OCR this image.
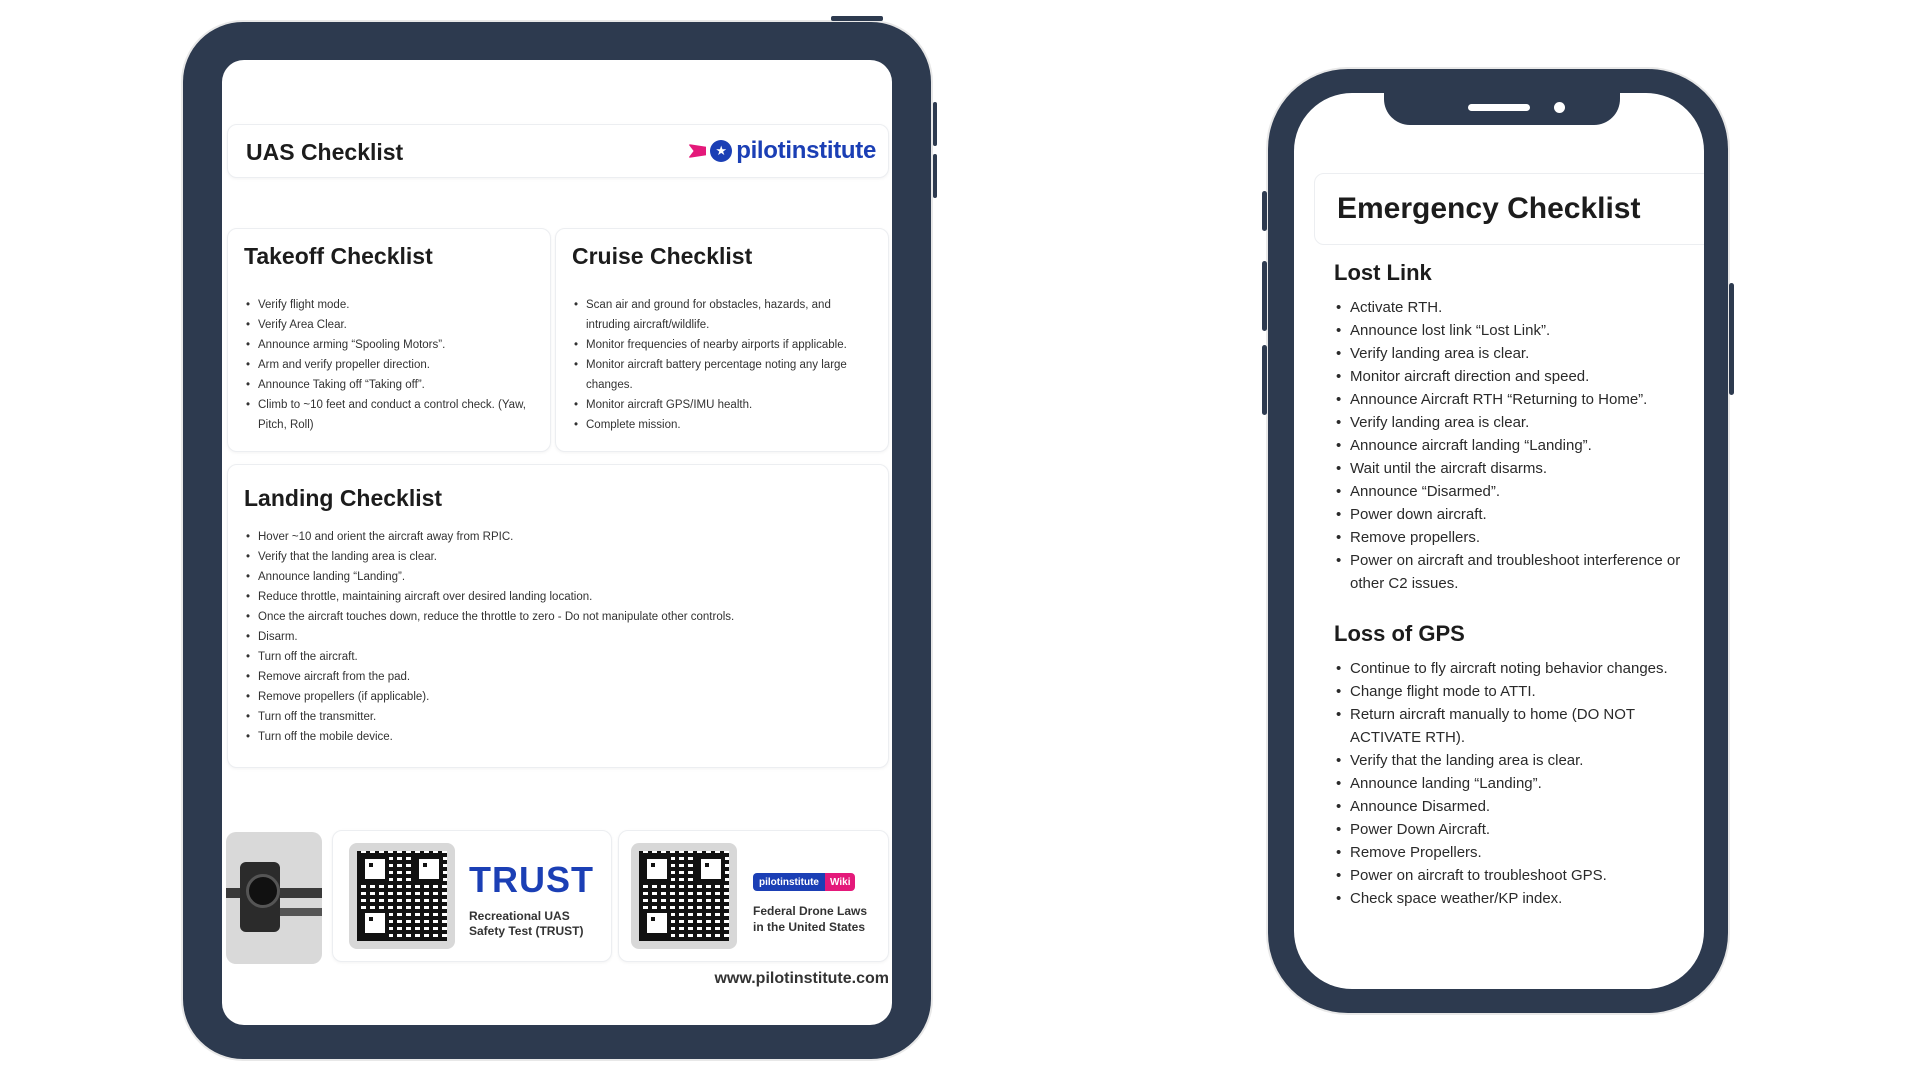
UAS Checklist	★ pilotinstitute
Takeoff Checklist
• Verify flight mode.
• Verify Area Clear.
• Announce arming “Spooling Motors”.
• Arm and verify propeller direction.
• Announce Taking off “Taking off”.
• Climb to ~10 feet and conduct a control check. (Yaw, Pitch, Roll)
Cruise Checklist
• Scan air and ground for obstacles, hazards, and intruding aircraft/wildlife.
• Monitor frequencies of nearby airports if applicable.
• Monitor aircraft battery percentage noting any large changes.
• Monitor aircraft GPS/IMU health.
• Complete mission.
Landing Checklist
• Hover ~10 and orient the aircraft away from RPIC.
• Verify that the landing area is clear.
• Announce landing “Landing”.
• Reduce throttle, maintaining aircraft over desired landing location.
• Once the aircraft touches down, reduce the throttle to zero - Do not manipulate other controls.
• Disarm.
• Turn off the aircraft.
• Remove aircraft from the pad.
• Remove propellers (if applicable).
• Turn off the transmitter.
• Turn off the mobile device.
TRUST
Recreational UAS
Safety Test (TRUST)
pilotinstitute	Wiki
Federal Drone Laws
in the United States
www.pilotinstitute.com
Emergency Checklist
Lost Link
• Activate RTH.
• Announce lost link “Lost Link”.
• Verify landing area is clear.
• Monitor aircraft direction and speed.
• Announce Aircraft RTH “Returning to Home”.
• Verify landing area is clear.
• Announce aircraft landing “Landing”.
• Wait until the aircraft disarms.
• Announce “Disarmed”.
• Power down aircraft.
• Remove propellers.
• Power on aircraft and troubleshoot interference or other C2 issues.
Loss of GPS
• Continue to fly aircraft noting behavior changes.
• Change flight mode to ATTI.
• Return aircraft manually to home (DO NOT ACTIVATE RTH).
• Verify that the landing area is clear.
• Announce landing “Landing”.
• Announce Disarmed.
• Power Down Aircraft.
• Remove Propellers.
• Power on aircraft to troubleshoot GPS.
• Check space weather/KP index.
